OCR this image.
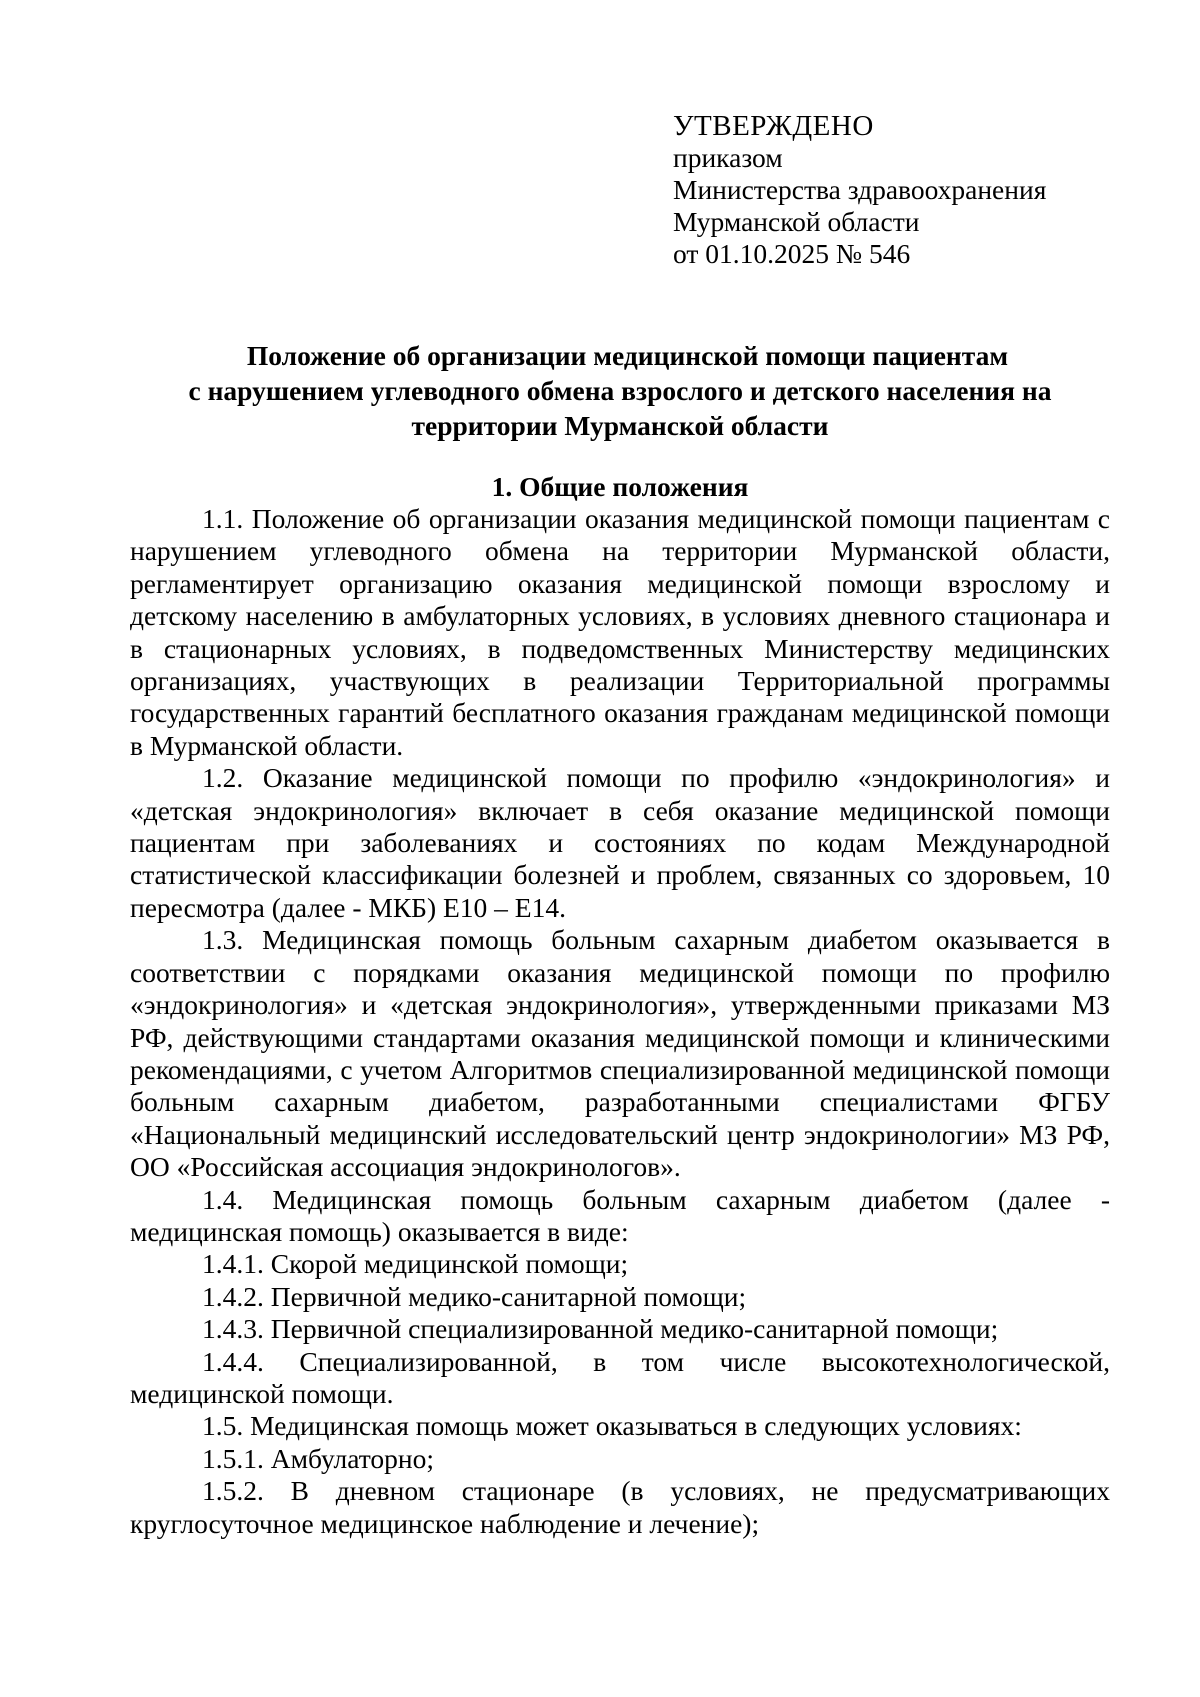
УТВЕРЖДЕНО
приказом
Министерства здравоохранения
Мурманской области
от 01.10.2025 № 546
Положение об организации медицинской помощи пациентам
с нарушением углеводного обмена взрослого и детского населения на
территории Мурманской области
1. Общие положения

1.1. Положение об организации оказания медицинской помощи пациентам с нарушением углеводного обмена на территории Мурманской области, регламентирует организацию оказания медицинской помощи взрослому и детскому населению в амбулаторных условиях, в условиях дневного стационара и в стационарных условиях, в подведомственных Министерству медицинских организациях, участвующих в реализации Территориальной программы государственных гарантий бесплатного оказания гражданам медицинской помощи в Мурманской области.

1.2. Оказание медицинской помощи по профилю «эндокринология» и «детская эндокринология» включает в себя оказание медицинской помощи пациентам при заболеваниях и состояниях по кодам Международной статистической классификации болезней и проблем, связанных со здоровьем, 10 пересмотра (далее - МКБ) Е10 – Е14.

1.3. Медицинская помощь больным сахарным диабетом оказывается в соответствии с порядками оказания медицинской помощи по профилю «эндокринология» и «детская эндокринология», утвержденными приказами МЗ РФ, действующими стандартами оказания медицинской помощи и клиническими рекомендациями, с учетом Алгоритмов специализированной медицинской помощи больным сахарным диабетом, разработанными специалистами ФГБУ «Национальный медицинский исследовательский центр эндокринологии» МЗ РФ, ОО «Российская ассоциация эндокринологов».

1.4. Медицинская помощь больным сахарным диабетом (далее - медицинская помощь) оказывается в виде:

1.4.1. Скорой медицинской помощи;

1.4.2. Первичной медико-санитарной помощи;

1.4.3. Первичной специализированной медико-санитарной помощи;

1.4.4. Специализированной, в том числе высокотехнологической, медицинской помощи.

1.5. Медицинская помощь может оказываться в следующих условиях:

1.5.1. Амбулаторно;

1.5.2. В дневном стационаре (в условиях, не предусматривающих круглосуточное медицинское наблюдение и лечение);
